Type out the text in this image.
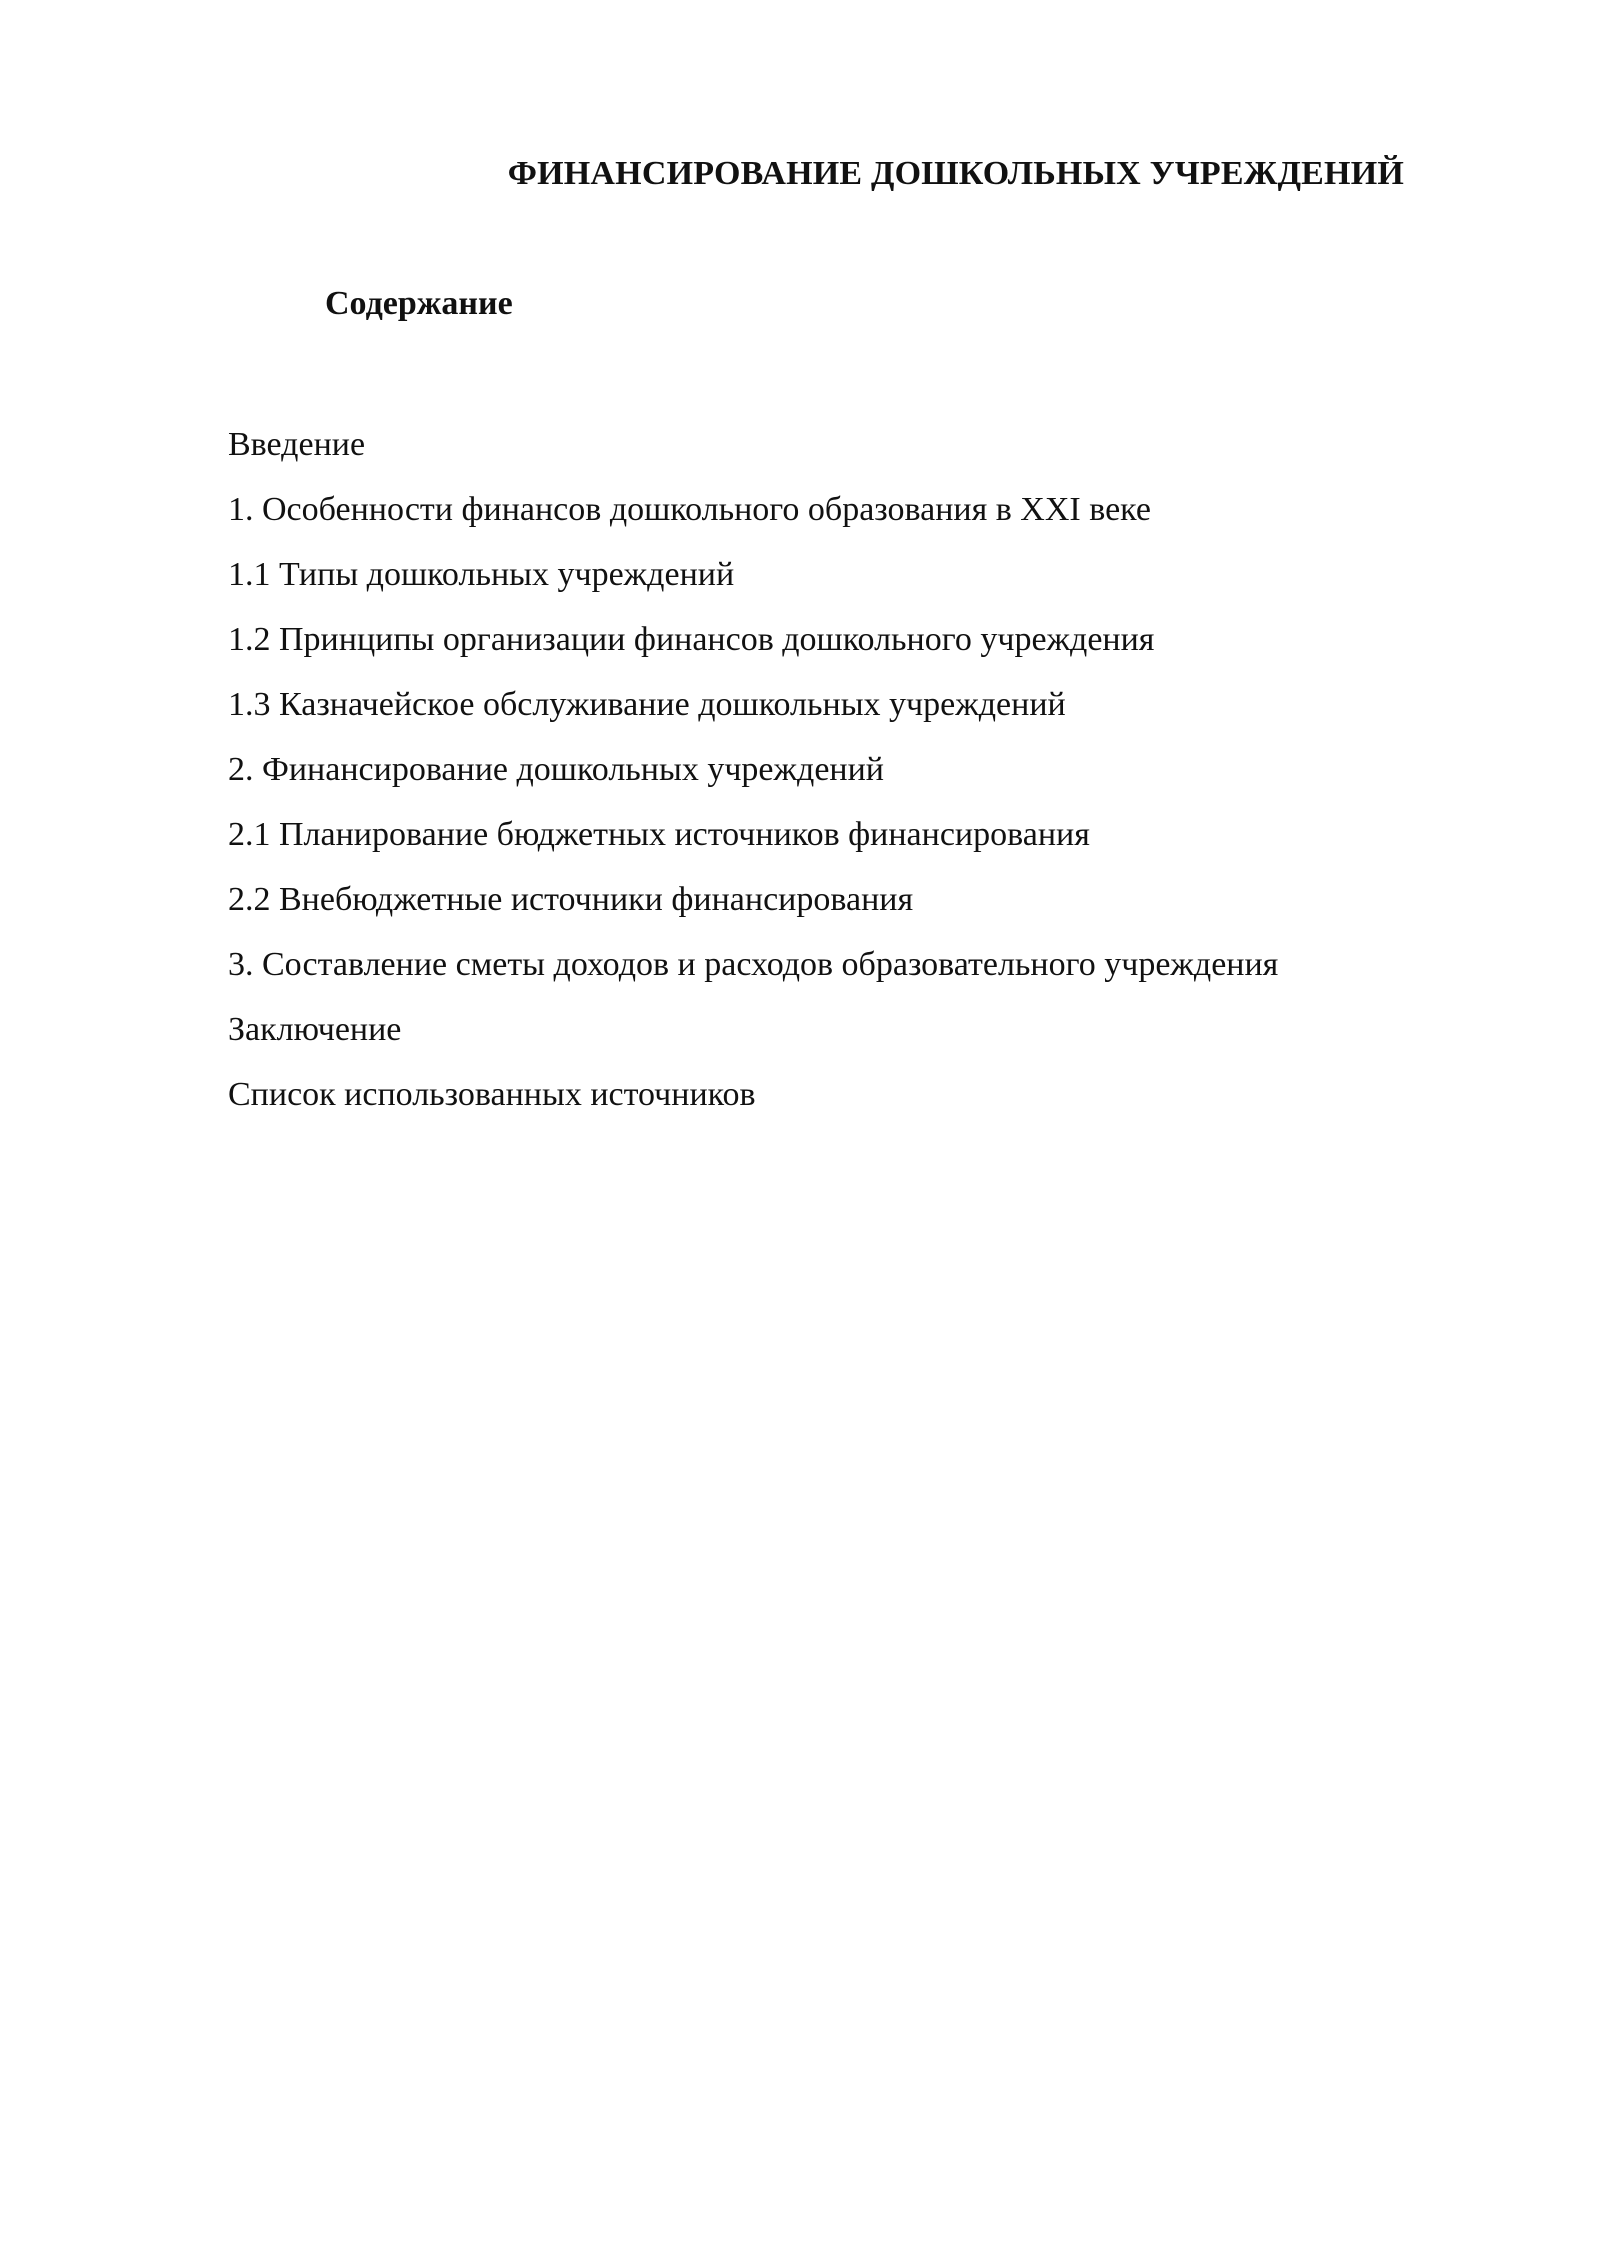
ФИНАНСИРОВАНИЕ ДОШКОЛЬНЫХ УЧРЕЖДЕНИЙ
Содержание
Введение
1. Особенности финансов дошкольного образования в XXI веке
1.1 Типы дошкольных учреждений
1.2 Принципы организации финансов дошкольного учреждения
1.3 Казначейское обслуживание дошкольных учреждений
2. Финансирование дошкольных учреждений
2.1 Планирование бюджетных источников финансирования
2.2 Внебюджетные источники финансирования
3. Составление сметы доходов и расходов образовательного учреждения
Заключение
Список использованных источников
